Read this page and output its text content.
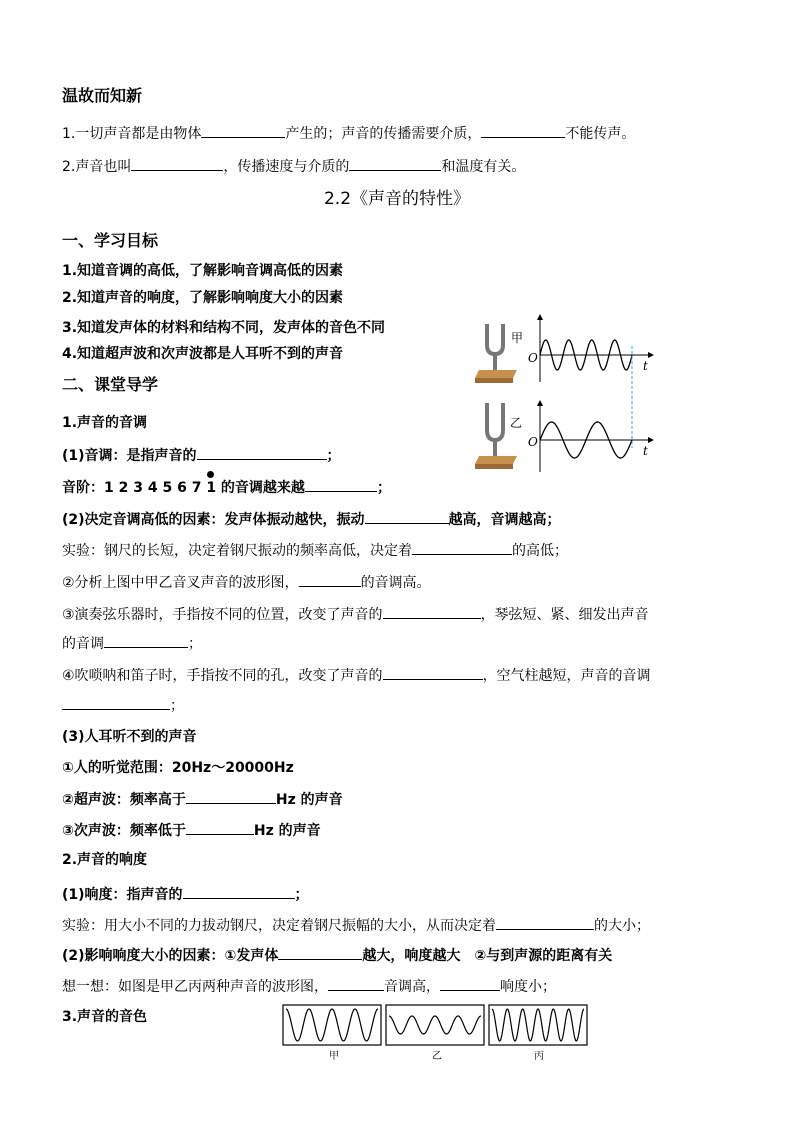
温故而知新
1.一切声音都是由物体	产生的；声音的传播需要介质，	不能传声。
2.声音也叫	，传播速度与介质的	和温度有关。
2.2《声音的特性》
一、学习目标
1.知道音调的高低，了解影响音调高低的因素
2.知道声音的响度，了解影响响度大小的因素
3.知道发声体的材料和结构不同，发声体的音色不同
4.知道超声波和次声波都是人耳听不到的声音
二、课堂导学
1.声音的音调
(1)音调：是指声音的	；
音阶：1 2 3 4 5 6 7
1 的音调越来越	；
(2)决定音调高低的因素：发声体振动越快，振动	越高，音调越高；
实验：钢尺的长短，决定着钢尺振动的频率高低，决定着	的高低；
②分析上图中甲乙音叉声音的波形图，	的音调高。
③演奏弦乐器时，手指按不同的位置，改变了声音的	，琴弦短、紧、细发出声音
的音调	；
④吹唢呐和笛子时，手指按不同的孔，改变了声音的	，空气柱越短，声音的音调
；
(3)人耳听不到的声音
①人的听觉范围：20Hz～20000Hz
②超声波：频率高于	Hz 的声音
③次声波：频率低于	Hz 的声音
2.声音的响度
(1)响度：指声音的	；
实验：用大小不同的力拔动钢尺，决定着钢尺振幅的大小，从而决定着	的大小；
(2)影响响度大小的因素：①发声体	越大，响度越大　②与到声源的距离有关
想一想：如图是甲乙丙两种声音的波形图，	音调高，	响度小；
3.声音的音色
甲
乙
O
t
O
t
甲	乙	丙
